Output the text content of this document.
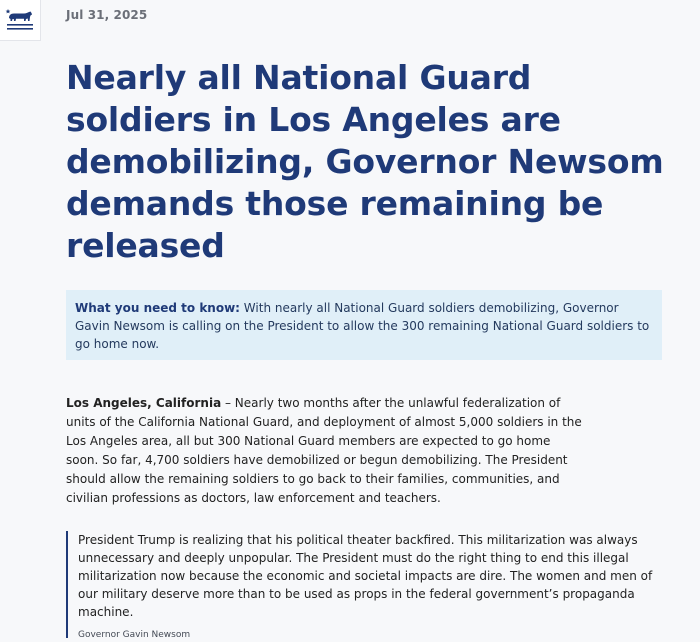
Jul 31, 2025
Nearly all National Guard soldiers in Los Angeles are demobilizing, Governor Newsom demands those remaining be released
What you need to know: With nearly all National Guard soldiers demobilizing, Governor Gavin Newsom is calling on the President to allow the 300 remaining National Guard soldiers to go home now.

Los Angeles, California – Nearly two months after the unlawful federalization of units of the California National Guard, and deployment of almost 5,000 soldiers in the Los Angeles area, all but 300 National Guard members are expected to go home soon. So far, 4,700 soldiers have demobilized or begun demobilizing. The President should allow the remaining soldiers to go back to their families, communities, and civilian professions as doctors, law enforcement and teachers.

President Trump is realizing that his political theater backfired. This militarization was always unnecessary and deeply unpopular. The President must do the right thing to end this illegal militarization now because the economic and societal impacts are dire. The women and men of our military deserve more than to be used as props in the federal government’s propaganda machine.

Governor Gavin Newsom
